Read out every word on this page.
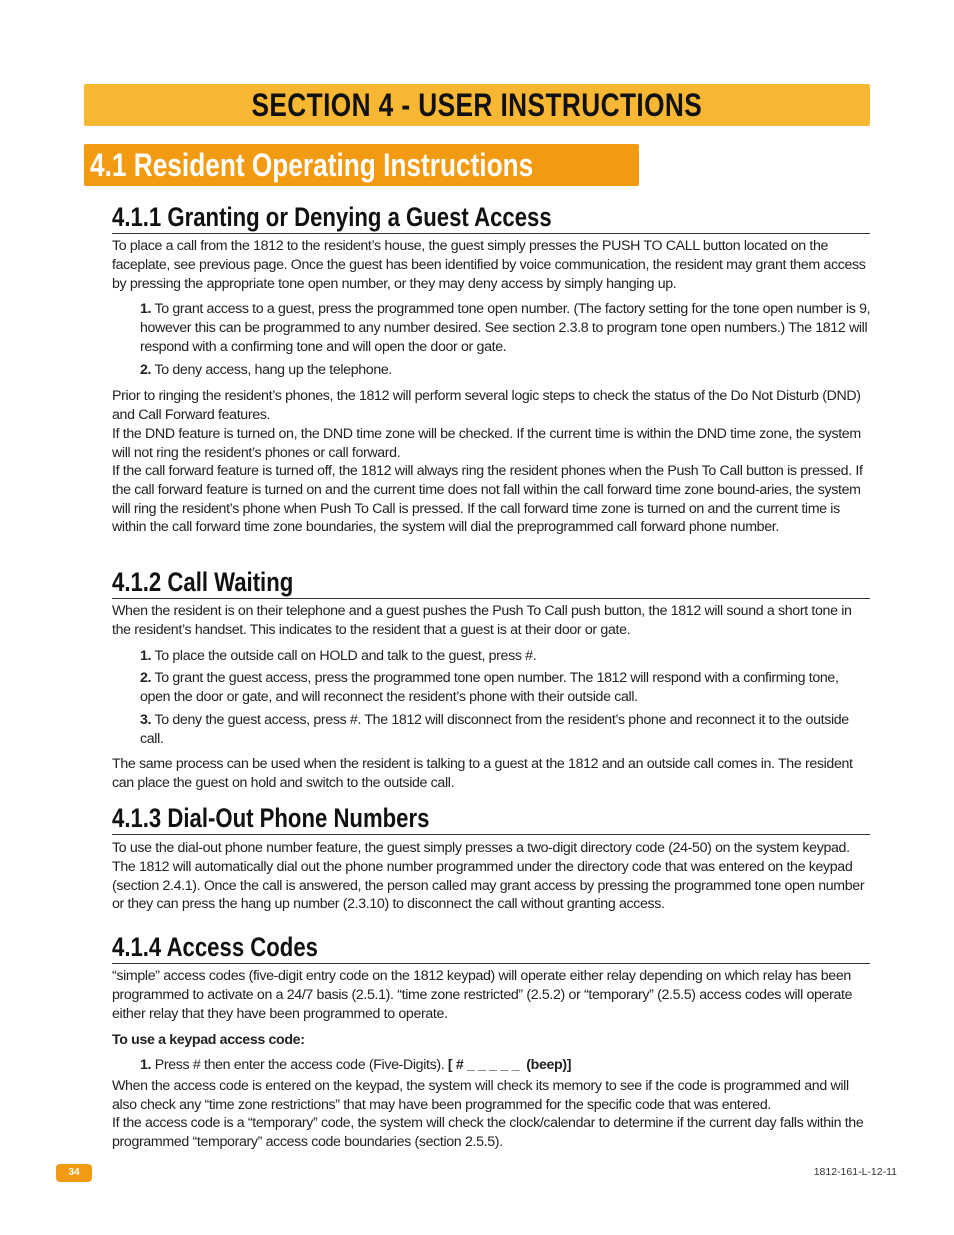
SECTION 4 - USER INSTRUCTIONS
4.1 Resident Operating Instructions
4.1.1 Granting or Denying a Guest Access
To place a call from the 1812 to the resident’s house, the guest simply presses the PUSH TO CALL button located on the faceplate, see previous page. Once the guest has been identified by voice communication, the resident may grant them access by pressing the appropriate tone open number, or they may deny access by simply hanging up.
1. To grant access to a guest, press the programmed tone open number. (The factory setting for the tone open number is 9, however this can be programmed to any number desired. See section 2.3.8 to program tone open numbers.) The 1812 will respond with a confirming tone and will open the door or gate.
2. To deny access, hang up the telephone.
Prior to ringing the resident’s phones, the 1812 will perform several logic steps to check the status of the Do Not Disturb (DND) and Call Forward features.
If the DND feature is turned on, the DND time zone will be checked. If the current time is within the DND time zone, the system will not ring the resident’s phones or call forward.
If the call forward feature is turned off, the 1812 will always ring the resident phones when the Push To Call button is pressed. If the call forward feature is turned on and the current time does not fall within the call forward time zone bound-aries, the system will ring the resident’s phone when Push To Call is pressed. If the call forward time zone is turned on and the current time is within the call forward time zone boundaries, the system will dial the preprogrammed call forward phone number.
4.1.2 Call Waiting
When the resident is on their telephone and a guest pushes the Push To Call push button, the 1812 will sound a short tone in the resident’s handset. This indicates to the resident that a guest is at their door or gate.
1. To place the outside call on HOLD and talk to the guest, press #.
2. To grant the guest access, press the programmed tone open number. The 1812 will respond with a confirming tone, open the door or gate, and will reconnect the resident’s phone with their outside call.
3. To deny the guest access, press #. The 1812 will disconnect from the resident’s phone and reconnect it to the outside call.
The same process can be used when the resident is talking to a guest at the 1812 and an outside call comes in. The resident can place the guest on hold and switch to the outside call.
4.1.3 Dial-Out Phone Numbers
To use the dial-out phone number feature, the guest simply presses a two-digit directory code (24-50) on the system keypad. The 1812 will automatically dial out the phone number programmed under the directory code that was entered on the keypad (section 2.4.1). Once the call is answered, the person called may grant access by pressing the programmed tone open number or they can press the hang up number (2.3.10) to disconnect the call without granting access.
4.1.4 Access Codes
“simple” access codes (five-digit entry code on the 1812 keypad) will operate either relay depending on which relay has been programmed to activate on a 24/7 basis (2.5.1). “time zone restricted” (2.5.2) or “temporary” (2.5.5) access codes will operate either relay that they have been programmed to operate.
To use a keypad access code:
1. Press # then enter the access code (Five-Digits). [ # _ _ _ _ _  (beep)]
When the access code is entered on the keypad, the system will check its memory to see if the code is programmed and will also check any “time zone restrictions” that may have been programmed for the specific code that was entered.
If the access code is a “temporary” code, the system will check the clock/calendar to determine if the current day falls within the programmed “temporary” access code boundaries (section 2.5.5).
34	1812-161-L-12-11
